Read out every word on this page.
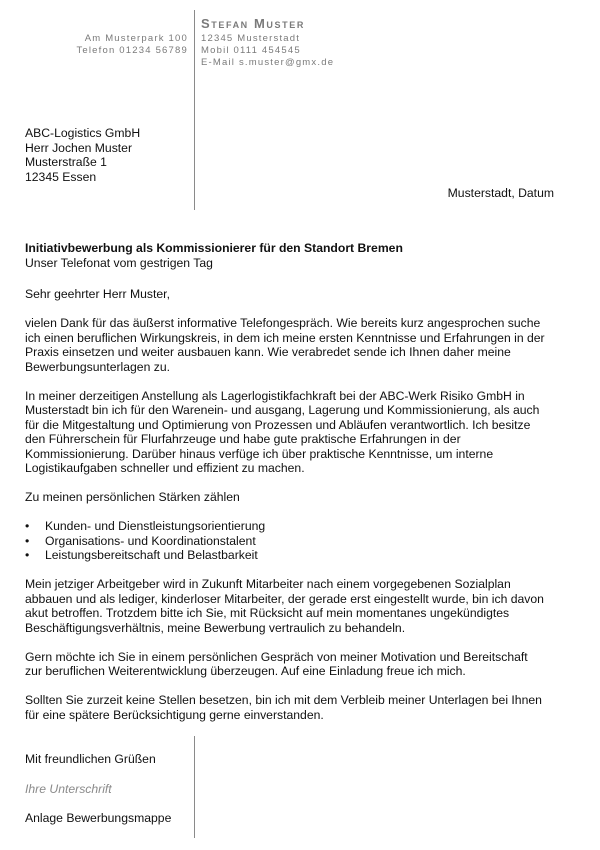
Am Musterpark 100
Telefon 01234 56789
Stefan Muster
12345 Musterstadt
Mobil 0111 454545
E-Mail s.muster@gmx.de
ABC-Logistics GmbH
Herr Jochen Muster
Musterstraße 1
12345 Essen
Musterstadt, Datum
Initiativbewerbung als Kommissionierer für den Standort Bremen
Unser Telefonat vom gestrigen Tag

Sehr geehrter Herr Muster,

vielen Dank für das äußerst informative Telefongespräch. Wie bereits kurz angesprochen suche ich einen beruflichen Wirkungskreis, in dem ich meine ersten Kenntnisse und Erfahrungen in der Praxis einsetzen und weiter ausbauen kann. Wie verabredet sende ich Ihnen daher meine Bewerbungsunterlagen zu.

In meiner derzeitigen Anstellung als Lagerlogistikfachkraft bei der ABC-Werk Risiko GmbH in Musterstadt bin ich für den Warenein- und ausgang, Lagerung und Kommissionierung, als auch für die Mitgestaltung und Optimierung von Prozessen und Abläufen verantwortlich. Ich besitze den Führerschein für Flurfahrzeuge und habe gute praktische Erfahrungen in der Kommissionierung. Darüber hinaus verfüge ich über praktische Kenntnisse, um interne Logistikaufgaben schneller und effizient zu machen.

Zu meinen persönlichen Stärken zählen

• Kunden- und Dienstleistungsorientierung
• Organisations- und Koordinationstalent
• Leistungsbereitschaft und Belastbarkeit

Mein jetziger Arbeitgeber wird in Zukunft Mitarbeiter nach einem vorgegebenen Sozialplan abbauen und als lediger, kinderloser Mitarbeiter, der gerade erst eingestellt wurde, bin ich davon akut betroffen. Trotzdem bitte ich Sie, mit Rücksicht auf mein momentanes ungekündigtes Beschäftigungsverhältnis, meine Bewerbung vertraulich zu behandeln.

Gern möchte ich Sie in einem persönlichen Gespräch von meiner Motivation und Bereitschaft zur beruflichen Weiterentwicklung überzeugen. Auf eine Einladung freue ich mich.

Sollten Sie zurzeit keine Stellen besetzen, bin ich mit dem Verbleib meiner Unterlagen bei Ihnen für eine spätere Berücksichtigung gerne einverstanden.

Mit freundlichen Grüßen
Ihre Unterschrift
Anlage Bewerbungsmappe
